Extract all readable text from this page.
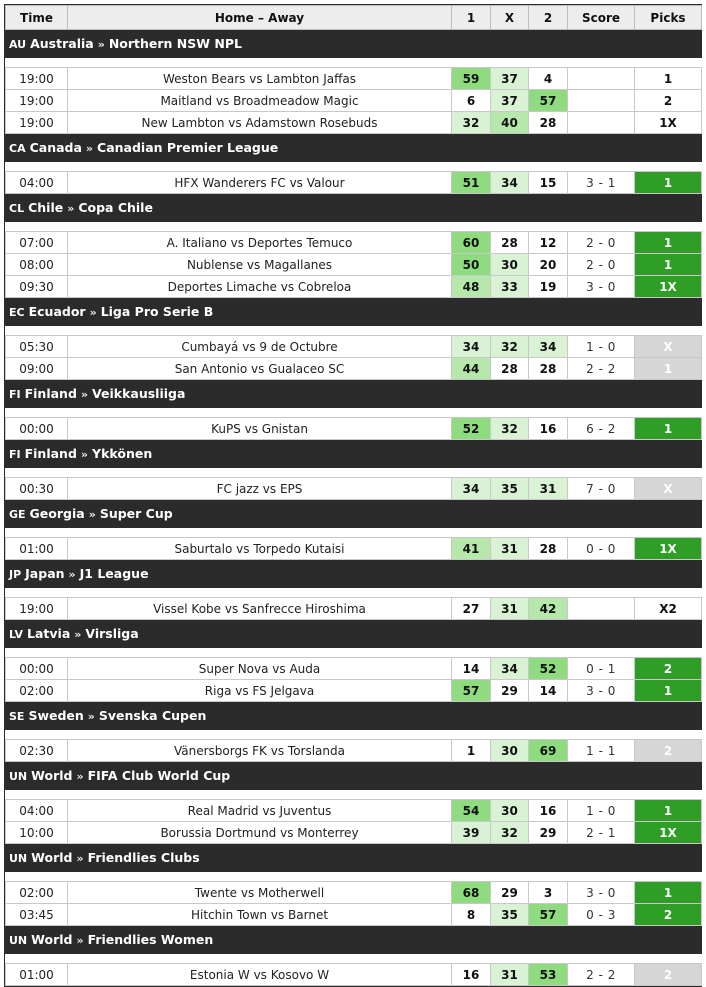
Time	Home – Away	1	X	2	Score	Picks
AU Australia » Northern NSW NPL						

19:00	Weston Bears vs Lambton Jaffas	59	37	4		1
19:00	Maitland vs Broadmeadow Magic	6	37	57		2
19:00	New Lambton vs Adamstown Rosebuds	32	40	28		1X
CA Canada » Canadian Premier League						

04:00	HFX Wanderers FC vs Valour	51	34	15	3 - 1	1
CL Chile » Copa Chile						

07:00	A. Italiano vs Deportes Temuco	60	28	12	2 - 0	1
08:00	Nublense vs Magallanes	50	30	20	2 - 0	1
09:30	Deportes Limache vs Cobreloa	48	33	19	3 - 0	1X
EC Ecuador » Liga Pro Serie B						

05:30	Cumbayá vs 9 de Octubre	34	32	34	1 - 0	X
09:00	San Antonio vs Gualaceo SC	44	28	28	2 - 2	1
FI Finland » Veikkausliiga						

00:00	KuPS vs Gnistan	52	32	16	6 - 2	1
FI Finland » Ykkönen						

00:30	FC jazz vs EPS	34	35	31	7 - 0	X
GE Georgia » Super Cup						

01:00	Saburtalo vs Torpedo Kutaisi	41	31	28	0 - 0	1X
JP Japan » J1 League						

19:00	Vissel Kobe vs Sanfrecce Hiroshima	27	31	42		X2
LV Latvia » Virsliga						

00:00	Super Nova vs Auda	14	34	52	0 - 1	2
02:00	Riga vs FS Jelgava	57	29	14	3 - 0	1
SE Sweden » Svenska Cupen						

02:30	Vänersborgs FK vs Torslanda	1	30	69	1 - 1	2
UN World » FIFA Club World Cup						

04:00	Real Madrid vs Juventus	54	30	16	1 - 0	1
10:00	Borussia Dortmund vs Monterrey	39	32	29	2 - 1	1X
UN World » Friendlies Clubs						

02:00	Twente vs Motherwell	68	29	3	3 - 0	1
03:45	Hitchin Town vs Barnet	8	35	57	0 - 3	2
UN World » Friendlies Women						

01:00	Estonia W vs Kosovo W	16	31	53	2 - 2	2
